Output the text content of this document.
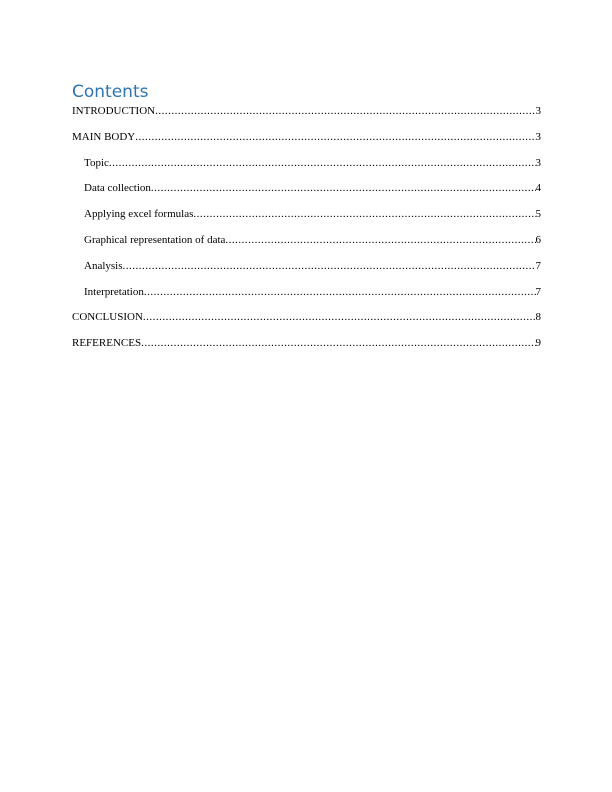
Contents
INTRODUCTION .....	3
MAIN BODY .....	3
Topic .....	3
Data collection .....	4
Applying excel formulas .....	5
Graphical representation of data .....	6
Analysis .....	7
Interpretation .....	7
CONCLUSION .....	8
REFERENCES .....	9
